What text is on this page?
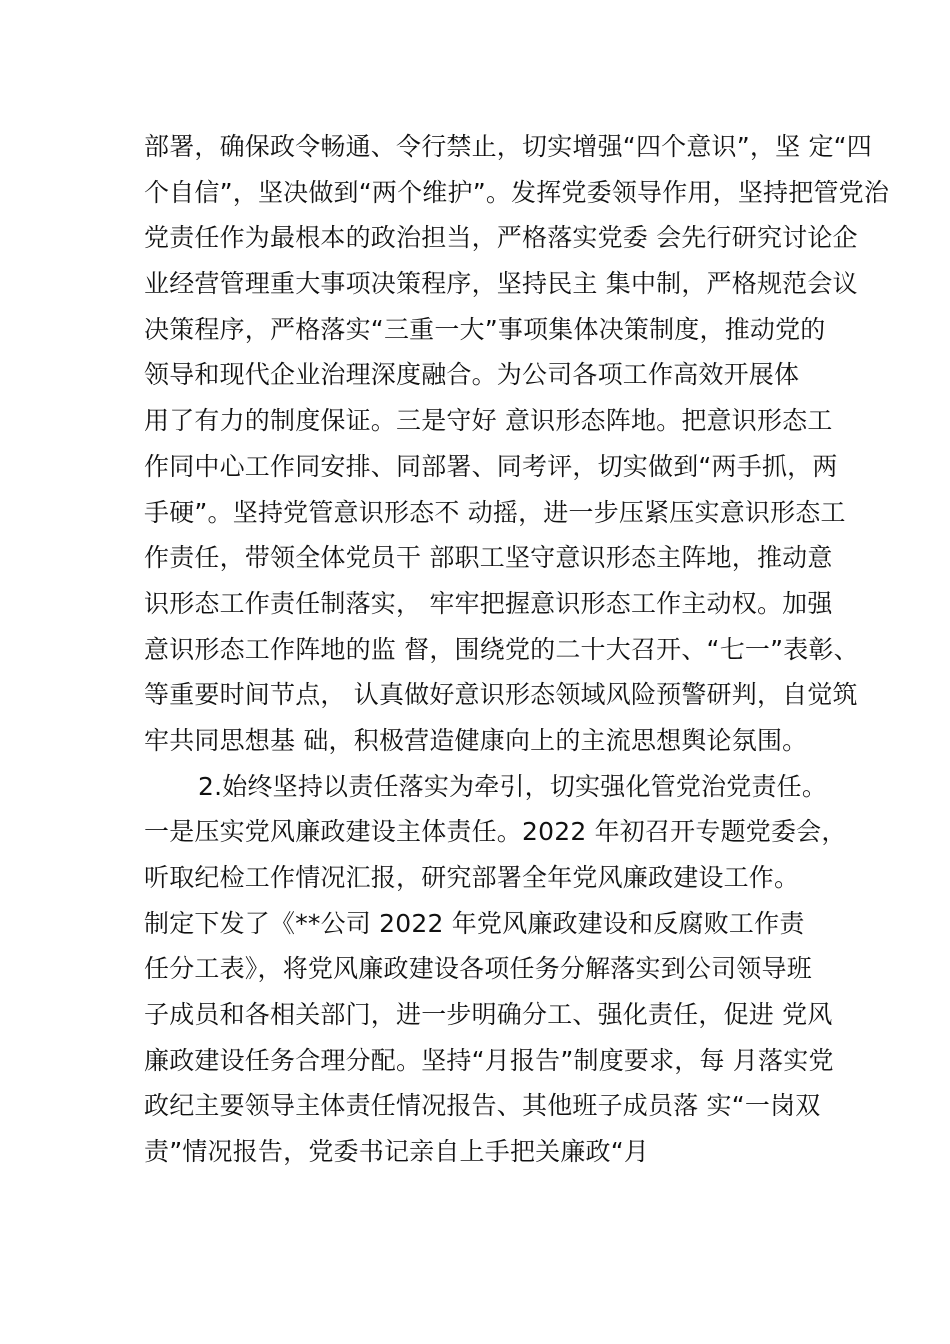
部署，确保政令畅通、令行禁止，切实增强“四个意识”，坚 定“四
个自信”，坚决做到“两个维护”。发挥党委领导作用，坚持把管党治
党责任作为最根本的政治担当，严格落实党委 会先行研究讨论企
业经营管理重大事项决策程序，坚持民主 集中制，严格规范会议
决策程序，严格落实“三重一大”事项集体决策制度，推动党的
领导和现代企业治理深度融合。为公司各项工作高效开展体
用了有力的制度保证。三是守好 意识形态阵地。把意识形态工
作同中心工作同安排、同部署、同考评，切实做到“两手抓，两
手硬”。坚持党管意识形态不 动摇，进一步压紧压实意识形态工
作责任，带领全体党员干 部职工坚守意识形态主阵地，推动意
识形态工作责任制落实， 牢牢把握意识形态工作主动权。加强
意识形态工作阵地的监 督，围绕党的二十大召开、“七一”表彰、
等重要时间节点， 认真做好意识形态领域风险预警研判，自觉筑
牢共同思想基 础，积极营造健康向上的主流思想舆论氛围。
2.始终坚持以责任落实为牵引，切实强化管党治党责任。
一是压实党风廉政建设主体责任。2022 年初召开专题党委会，
听取纪检工作情况汇报，研究部署全年党风廉政建设工作。
制定下发了《**公司 2022 年党风廉政建设和反腐败工作责
任分工表》，将党风廉政建设各项任务分解落实到公司领导班
子成员和各相关部门，进一步明确分工、强化责任，促进 党风
廉政建设任务合理分配。坚持“月报告”制度要求，每 月落实党
政纪主要领导主体责任情况报告、其他班子成员落 实“一岗双
责”情况报告，党委书记亲自上手把关廉政“月
